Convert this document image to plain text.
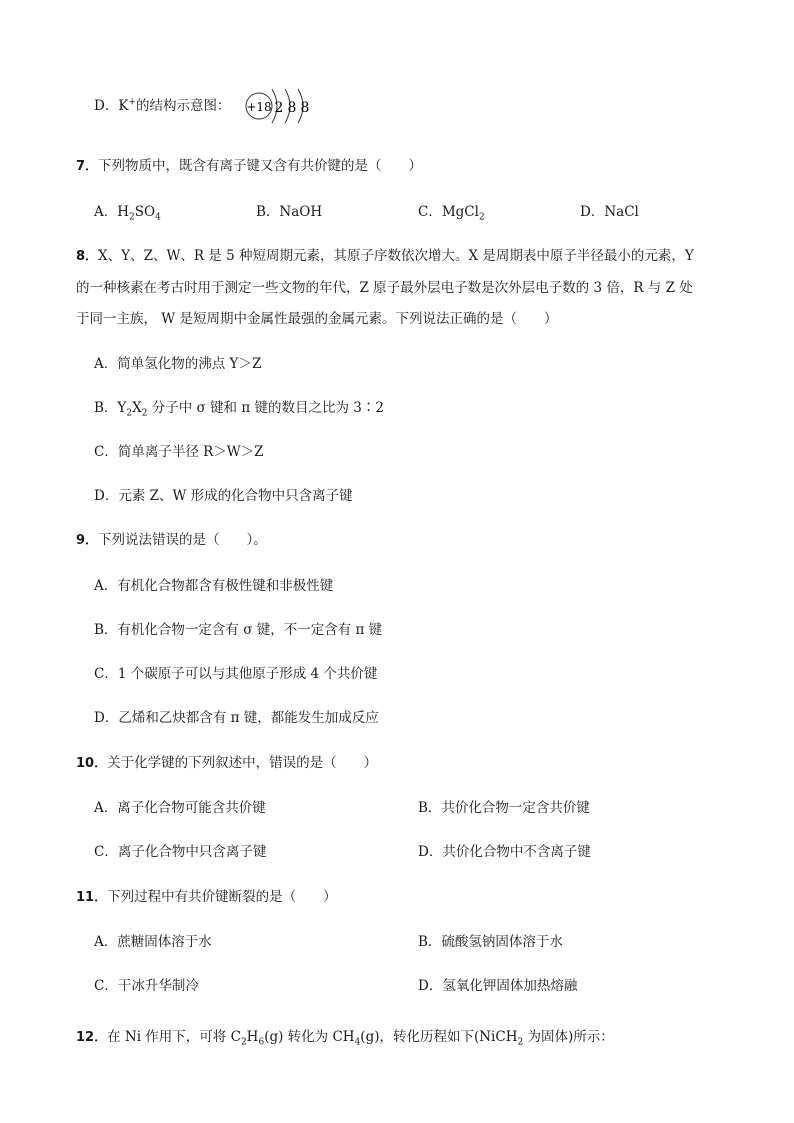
D．K+的结构示意图： +18 2 8 8
7．下列物质中，既含有离子键又含有共价键的是（　　）
A．$H_2SO_4$	B．NaOH	C．MgCl$_2$	D．NaCl
8．X、Y、Z、W、R 是 5 种短周期元素，其原子序数依次增大。X 是周期表中原子半径最小的元素，Y
的一种核素在考古时用于测定一些文物的年代，Z 原子最外层电子数是次外层电子数的 3 倍，R 与 Z 处
于同一主族， W 是短周期中金属性最强的金属元素。下列说法正确的是（　　）
A．简单氢化物的沸点 Y＞Z
B．$Y_2X_2$ 分子中 σ 键和 π 键的数目之比为 3∶2
C．简单离子半径 R＞W＞Z
D．元素 Z、W 形成的化合物中只含离子键
9．下列说法错误的是（　　）。
A．有机化合物都含有极性键和非极性键
B．有机化合物一定含有 σ 键，不一定含有 π 键
C．1 个碳原子可以与其他原子形成 4 个共价键
D．乙烯和乙炔都含有 π 键，都能发生加成反应
10．关于化学键的下列叙述中，错误的是（　　）
A．离子化合物可能含共价键	B．共价化合物一定含共价键
C．离子化合物中只含离子键	D．共价化合物中不含离子键
11．下列过程中有共价键断裂的是（　　）
A．蔗糖固体溶于水	B．硫酸氢钠固体溶于水
C．干冰升华制冷	D．氢氧化钾固体加热熔融
12．在 Ni 作用下，可将 $C_2H_6(g)$ 转化为 $CH_4(g)$，转化历程如下(NiCH$_2$ 为固体)所示：
